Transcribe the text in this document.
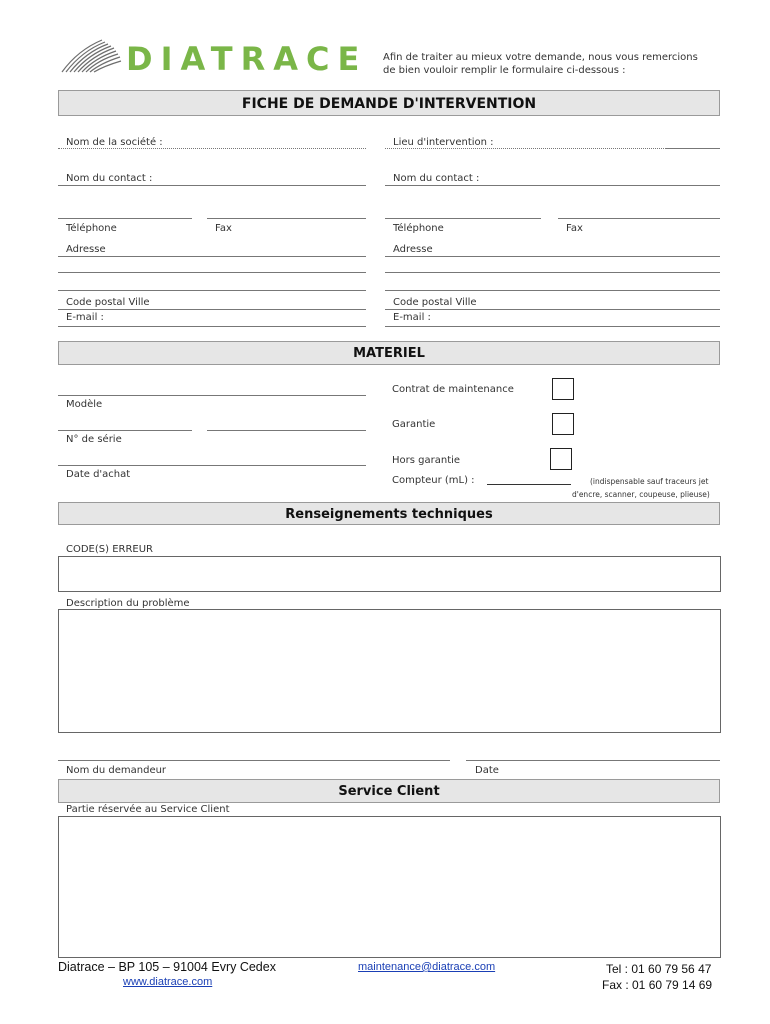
DIATRACE Afin de traiter au mieux votre demande, nous vous remercions
de bien vouloir remplir le formulaire ci-dessous :
FICHE DE DEMANDE D'INTERVENTION
Nom de la société :
Nom du contact :
Téléphone	Fax
Adresse
Code postal Ville
E-mail :
Lieu d'intervention :
Nom du contact :
Téléphone	Fax
Adresse
Code postal Ville
E-mail :
MATERIEL
Modèle
N° de série
Date d'achat
Contrat de maintenance
Garantie
Hors garantie
Compteur (mL) :	(indispensable sauf traceurs jet
d'encre, scanner, coupeuse, plieuse)
Renseignements techniques
CODE(S) ERREUR
Description du problème
Nom du demandeur	Date
Service Client
Partie réservée au Service Client
Diatrace – BP 105 – 91004 Evry Cedex
www.diatrace.com
maintenance@diatrace.com	Tel : 01 60 79 56 47
Fax : 01 60 79 14 69
